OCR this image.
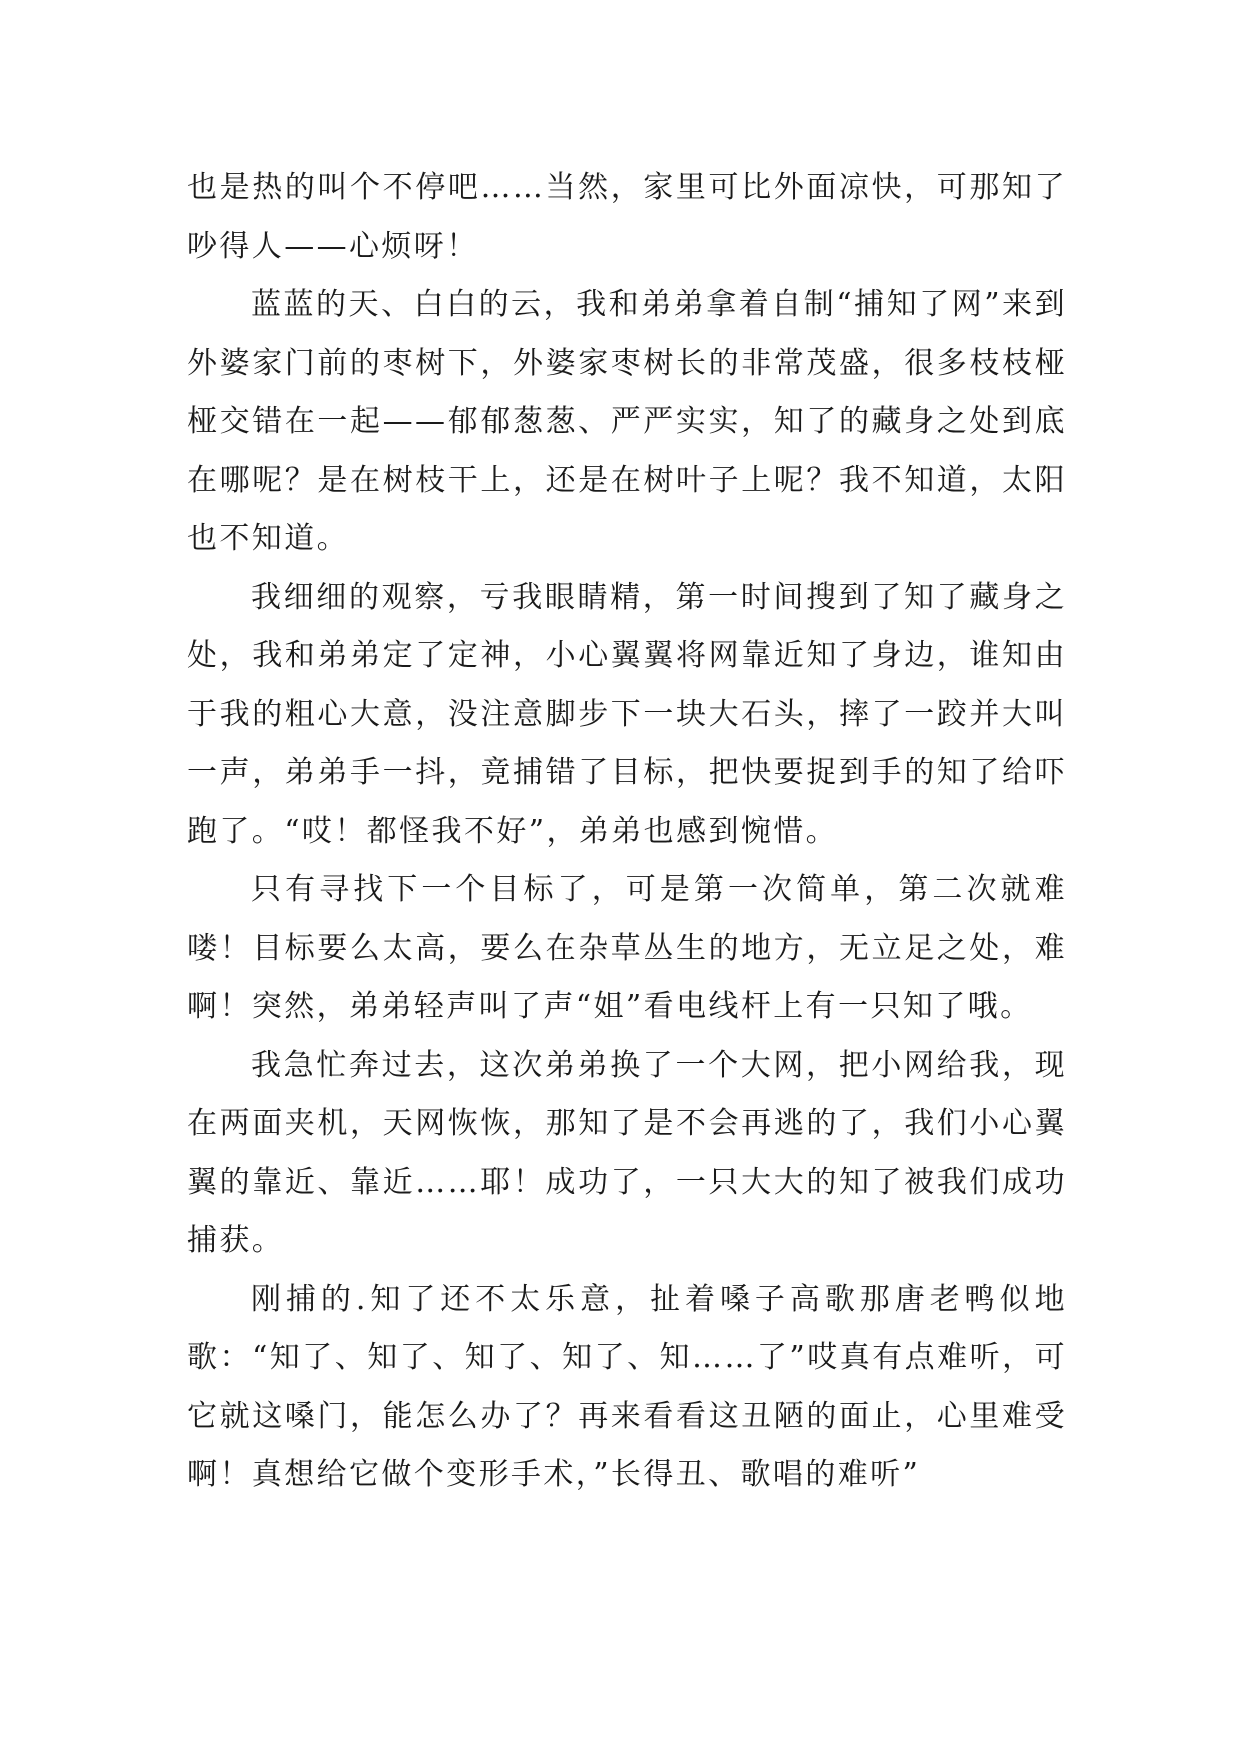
也是热的叫个不停吧……当然，家里可比外面凉快，可那知了吵得人——心烦呀！

蓝蓝的天、白白的云，我和弟弟拿着自制“捕知了网”来到外婆家门前的枣树下，外婆家枣树长的非常茂盛，很多枝枝桠桠交错在一起——郁郁葱葱、严严实实，知了的藏身之处到底在哪呢？是在树枝干上，还是在树叶子上呢？我不知道，太阳也不知道。

我细细的观察，亏我眼睛精，第一时间搜到了知了藏身之处，我和弟弟定了定神，小心翼翼将网靠近知了身边，谁知由于我的粗心大意，没注意脚步下一块大石头，摔了一跤并大叫一声，弟弟手一抖，竟捕错了目标，把快要捉到手的知了给吓跑了。“哎！都怪我不好”，弟弟也感到惋惜。

只有寻找下一个目标了，可是第一次简单，第二次就难喽！目标要么太高，要么在杂草丛生的地方，无立足之处，难啊！突然，弟弟轻声叫了声“姐”看电线杆上有一只知了哦。

我急忙奔过去，这次弟弟换了一个大网，把小网给我，现在两面夹机，天网恢恢，那知了是不会再逃的了，我们小心翼翼的靠近、靠近……耶！成功了，一只大大的知了被我们成功捕获。

刚捕的.知了还不太乐意，扯着嗓子高歌那唐老鸭似地歌：“知了、知了、知了、知了、知……了”哎真有点难听，可它就这嗓门，能怎么办了？再来看看这丑陋的面止，心里难受啊！真想给它做个变形手术，”长得丑、歌唱的难听”
